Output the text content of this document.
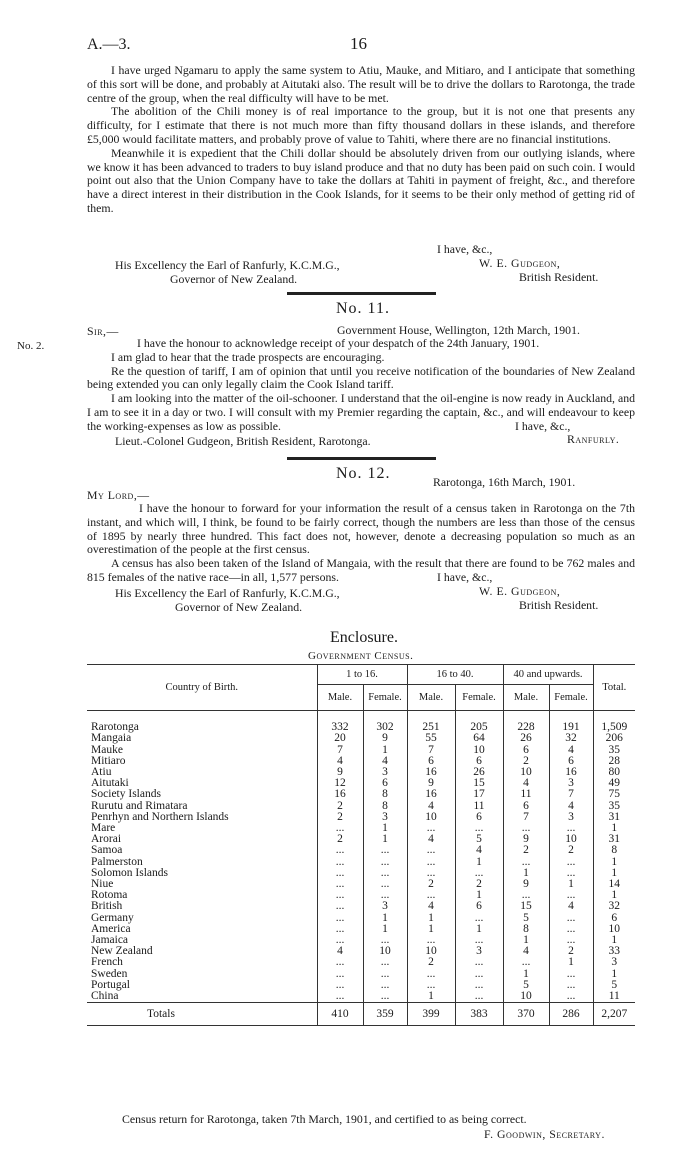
A.—3.	16

I have urged Ngamaru to apply the same system to Atiu, Mauke, and Mitiaro, and I anticipate that something of this sort will be done, and probably at Aitutaki also. The result will be to drive the dollars to Rarotonga, the trade centre of the group, when the real difficulty will have to be met.

The abolition of the Chili money is of real importance to the group, but it is not one that presents any difficulty, for I estimate that there is not much more than fifty thousand dollars in these islands, and therefore £5,000 would facilitate matters, and probably prove of value to Tahiti, where there are no financial institutions.

Meanwhile it is expedient that the Chili dollar should be absolutely driven from our outlying islands, where we know it has been advanced to traders to buy island produce and that no duty has been paid on such coin. I would point out also that the Union Company have to take the dollars at Tahiti in payment of freight, &c., and therefore have a direct interest in their distribution in the Cook Islands, for it seems to be their only method of getting rid of them.

I have, &c.,
His Excellency the Earl of Ranfurly, K.C.M.G.,
Governor of New Zealand.
W. E. Gudgeon,
British Resident.
No. 11.
No. 2.
Sir,—	Government House, Wellington, 12th March, 1901.

I have the honour to acknowledge receipt of your despatch of the 24th January, 1901.

I am glad to hear that the trade prospects are encouraging.

Re the question of tariff, I am of opinion that until you receive notification of the boundaries of New Zealand being extended you can only legally claim the Cook Island tariff.

I am looking into the matter of the oil-schooner. I understand that the oil-engine is now ready in Auckland, and I am to see it in a day or two. I will consult with my Premier regarding the captain, &c., and will endeavour to keep the working-expenses as low as possible.	I have, &c.,
Lieut.-Colonel Gudgeon, British Resident, Rarotonga.	Ranfurly.
No. 12.	Rarotonga, 16th March, 1901.
My Lord,—

I have the honour to forward for your information the result of a census taken in Rarotonga on the 7th instant, and which will, I think, be found to be fairly correct, though the numbers are less than those of the census of 1895 by nearly three hundred. This fact does not, however, denote a decreasing population so much as an overestimation of the people at the first census.

A census has also been taken of the Island of Mangaia, with the result that there are found to be 762 males and 815 females of the native race—in all, 1,577 persons.	I have, &c.,
His Excellency the Earl of Ranfurly, K.C.M.G.,
Governor of New Zealand.
W. E. Gudgeon,
British Resident.
Enclosure.
Government Census.
Country of Birth.	1 to 16.		16 to 40.		40 and upwards.		Total.
	Male.	Female.	Male.	Female.	Male.	Female.	

Rarotonga	332	302	251	205	228	191	1,509
Mangaia	20	9	55	64	26	32	206
Mauke	7	1	7	10	6	4	35
Mitiaro	4	4	6	6	2	6	28
Atiu	9	3	16	26	10	16	80
Aitutaki	12	6	9	15	4	3	49
Society Islands	16	8	16	17	11	7	75
Rurutu and Rimatara	2	8	4	11	6	4	35
Penrhyn and Northern Islands	2	3	10	6	7	3	31
Mare	...	1	...	...	...	...	1
Arorai	2	1	4	5	9	10	31
Samoa	...	...	...	4	2	2	8
Palmerston	...	...	...	1	...	...	1
Solomon Islands	...	...	...	...	1	...	1
Niue	...	...	2	2	9	1	14
Rotoma	...	...	...	1	...	...	1
British	...	3	4	6	15	4	32
Germany	...	1	1	...	5	...	6
America	...	1	1	1	8	...	10
Jamaica	...	...	...	...	1	...	1
New Zealand	4	10	10	3	4	2	33
French	...	...	2	...	...	1	3
Sweden	...	...	...	...	1	...	1
Portugal	...	...	...	...	5	...	5
China	...	...	1	...	10	...	11
Totals	410	359	399	383	370	286	2,207
Census return for Rarotonga, taken 7th March, 1901, and certified to as being correct.
F. Goodwin, Secretary.
